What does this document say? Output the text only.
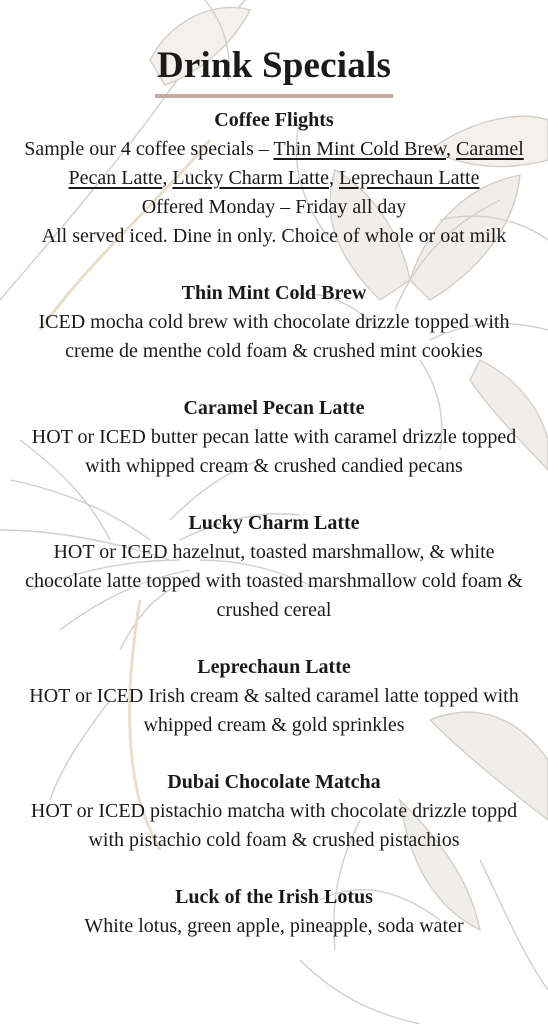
Drink Specials
Coffee Flights
Sample our 4 coffee specials – Thin Mint Cold Brew, Caramel Pecan Latte, Lucky Charm Latte, Leprechaun Latte
Offered Monday – Friday all day
All served iced. Dine in only. Choice of whole or oat milk
Thin Mint Cold Brew
ICED mocha cold brew with chocolate drizzle topped with creme de menthe cold foam & crushed mint cookies
Caramel Pecan Latte
HOT or ICED butter pecan latte with caramel drizzle topped with whipped cream & crushed candied pecans
Lucky Charm Latte
HOT or ICED hazelnut, toasted marshmallow, & white chocolate latte topped with toasted marshmallow cold foam & crushed cereal
Leprechaun Latte
HOT or ICED Irish cream & salted caramel latte topped with whipped cream & gold sprinkles
Dubai Chocolate Matcha
HOT or ICED pistachio matcha with chocolate drizzle toppd with pistachio cold foam & crushed pistachios
Luck of the Irish Lotus
White lotus, green apple, pineapple, soda water
